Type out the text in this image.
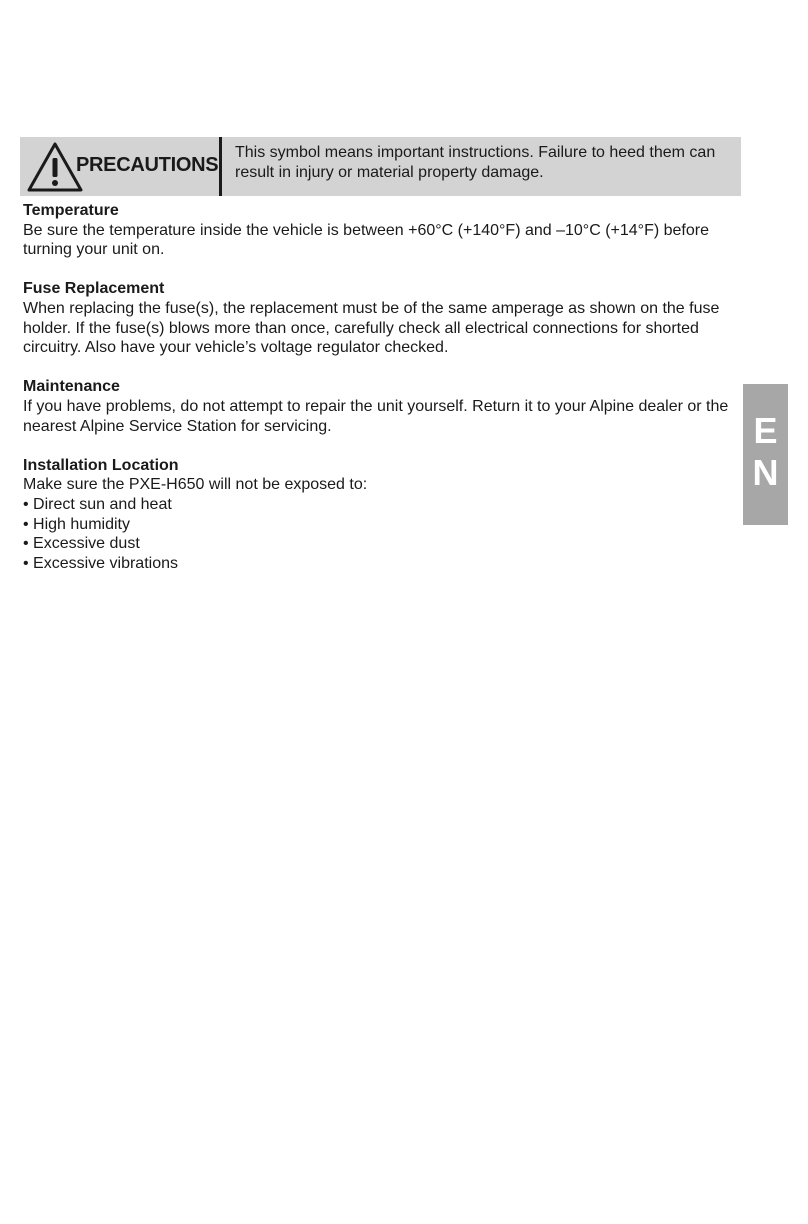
PRECAUTIONS
This symbol means important instructions. Failure to heed them can result in injury or material property damage.
Temperature

Be sure the temperature inside the vehicle is between +60°C (+140°F) and –10°C (+14°F) before turning your unit on.

Fuse Replacement

When replacing the fuse(s), the replacement must be of the same amperage as shown on the fuse holder. If the fuse(s) blows more than once, carefully check all electrical connections for shorted circuitry. Also have your vehicle’s voltage regulator checked.

Maintenance

If you have problems, do not attempt to repair the unit yourself. Return it to your Alpine dealer or the nearest Alpine Service Station for servicing.

Installation Location

Make sure the PXE-H650 will not be exposed to:

• Direct sun and heat
• High humidity
• Excessive dust
• Excessive vibrations
E
N
